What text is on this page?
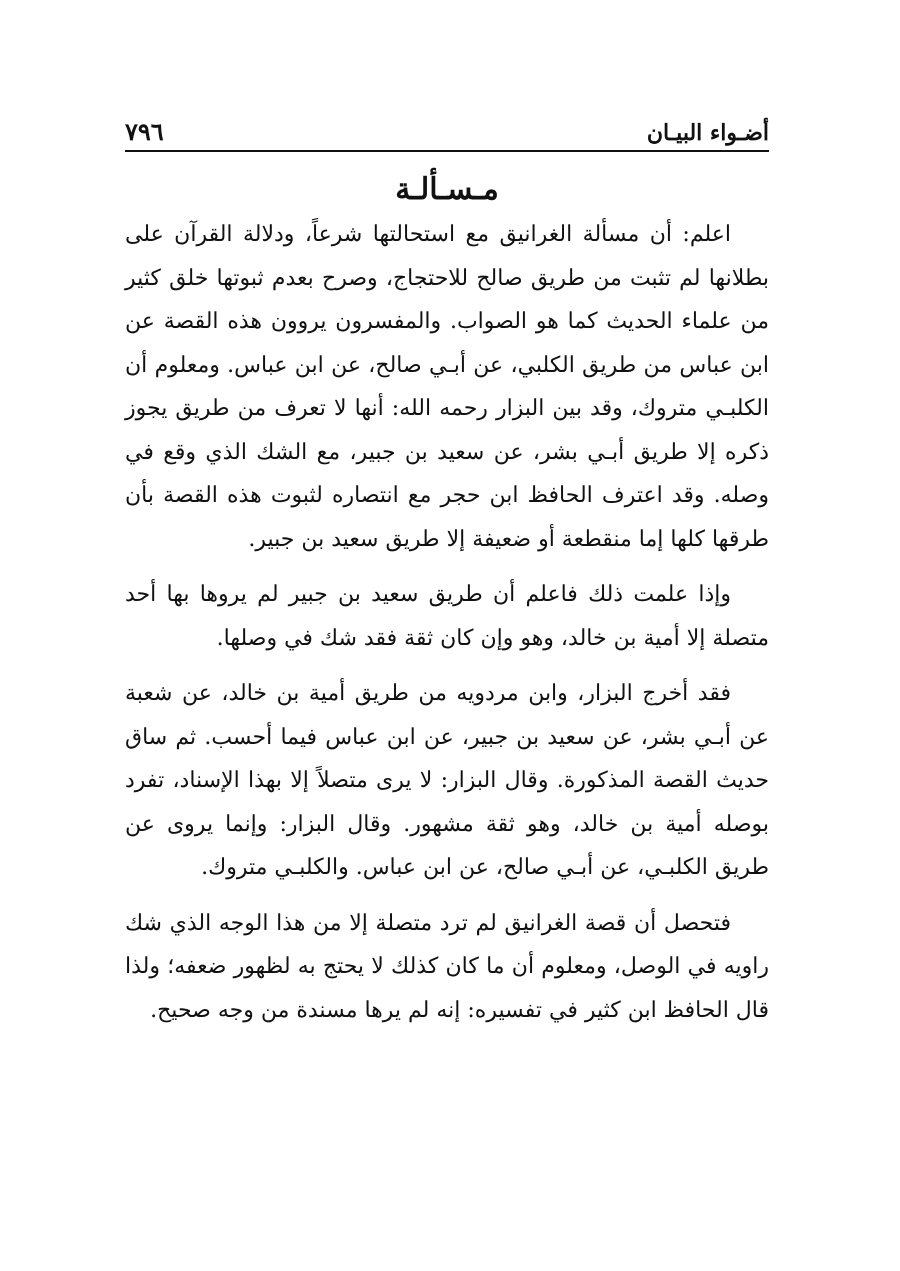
أضـواء البيـان
٧٩٦
مـسـألـة

اعلم: أن مسألة الغرانيق مع استحالتها شرعاً، ودلالة القرآن على بطلانها لم تثبت من طريق صالح للاحتجاج، وصرح بعدم ثبوتها خلق كثير من علماء الحديث كما هو الصواب. والمفسرون يروون هذه القصة عن ابن عباس من طريق الكلبي، عن أبـي صالح، عن ابن عباس. ومعلوم أن الكلبـي متروك، وقد بين البزار رحمه الله: أنها لا تعرف من طريق يجوز ذكره إلا طريق أبـي بشر، عن سعيد بن جبير، مع الشك الذي وقع في وصله. وقد اعترف الحافظ ابن حجر مع انتصاره لثبوت هذه القصة بأن طرقها كلها إما منقطعة أو ضعيفة إلا طريق سعيد بن جبير.

وإذا علمت ذلك فاعلم أن طريق سعيد بن جبير لم يروها بها أحد متصلة إلا أمية بن خالد، وهو وإن كان ثقة فقد شك في وصلها.

فقد أخرج البزار، وابن مردويه من طريق أمية بن خالد، عن شعبة عن أبـي بشر، عن سعيد بن جبير، عن ابن عباس فيما أحسب. ثم ساق حديث القصة المذكورة. وقال البزار: لا يرى متصلاً إلا بهذا الإسناد، تفرد بوصله أمية بن خالد، وهو ثقة مشهور. وقال البزار: وإنما يروى عن طريق الكلبـي، عن أبـي صالح، عن ابن عباس. والكلبـي متروك.

فتحصل أن قصة الغرانيق لم ترد متصلة إلا من هذا الوجه الذي شك راويه في الوصل، ومعلوم أن ما كان كذلك لا يحتج به لظهور ضعفه؛ ولذا قال الحافظ ابن كثير في تفسيره: إنه لم يرها مسندة من وجه صحيح.
